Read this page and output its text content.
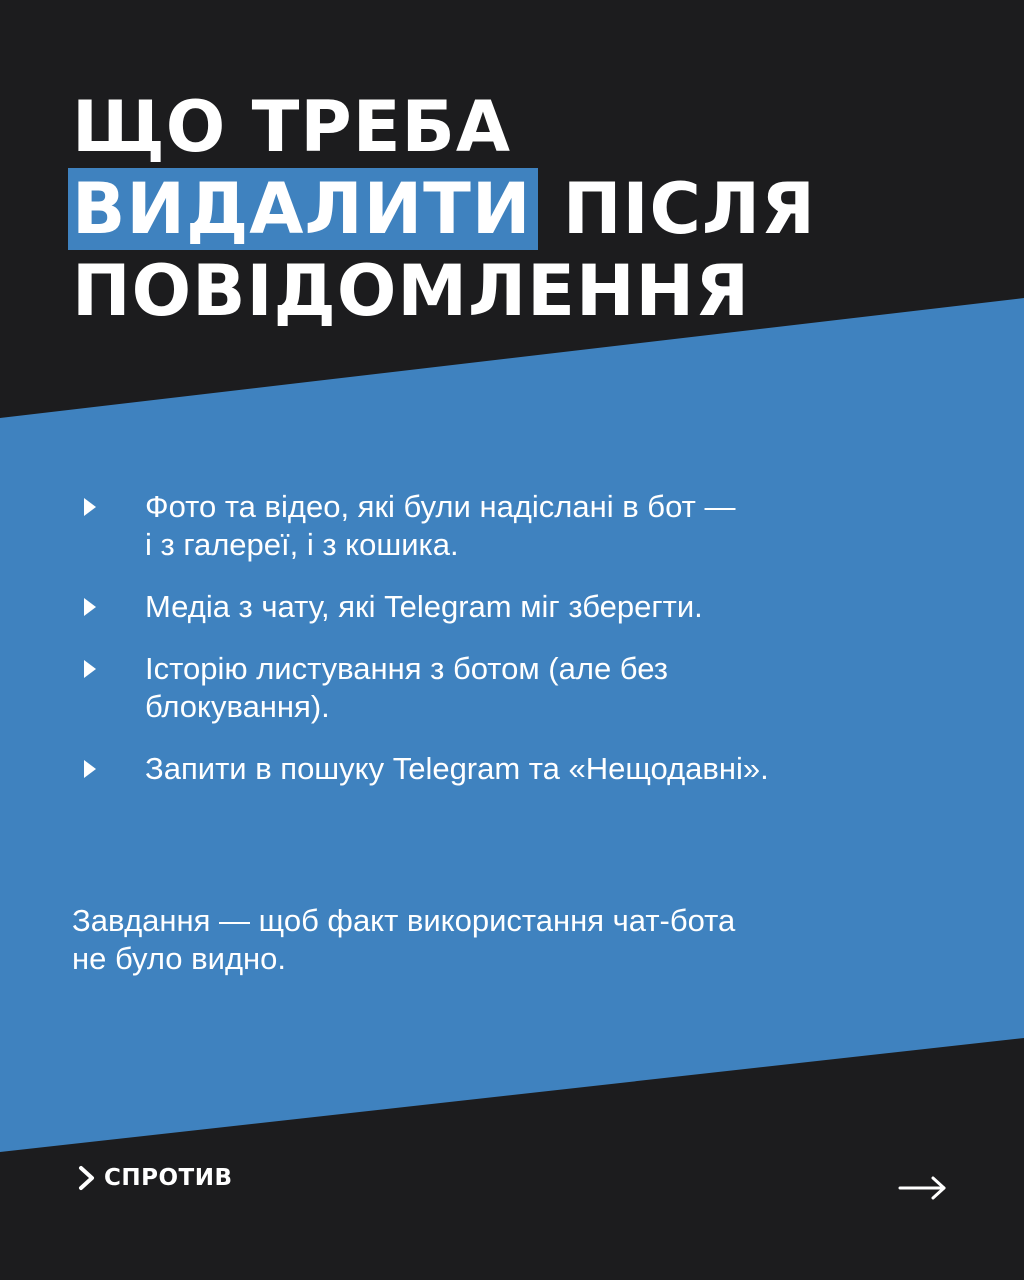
ЩО ТРЕБА
ВИДАЛИТИ ПІСЛЯ
ПОВІДОМЛЕННЯ
Фото та відео, які були надіслані в бот —
і з галереї, і з кошика.
Медіа з чату, які Telegram міг зберегти.
Історію листування з ботом (але без
блокування).
Запити в пошуку Telegram та «Нещодавні».

Завдання — щоб факт використання чат-бота
не було видно.

СПРОТИВ
